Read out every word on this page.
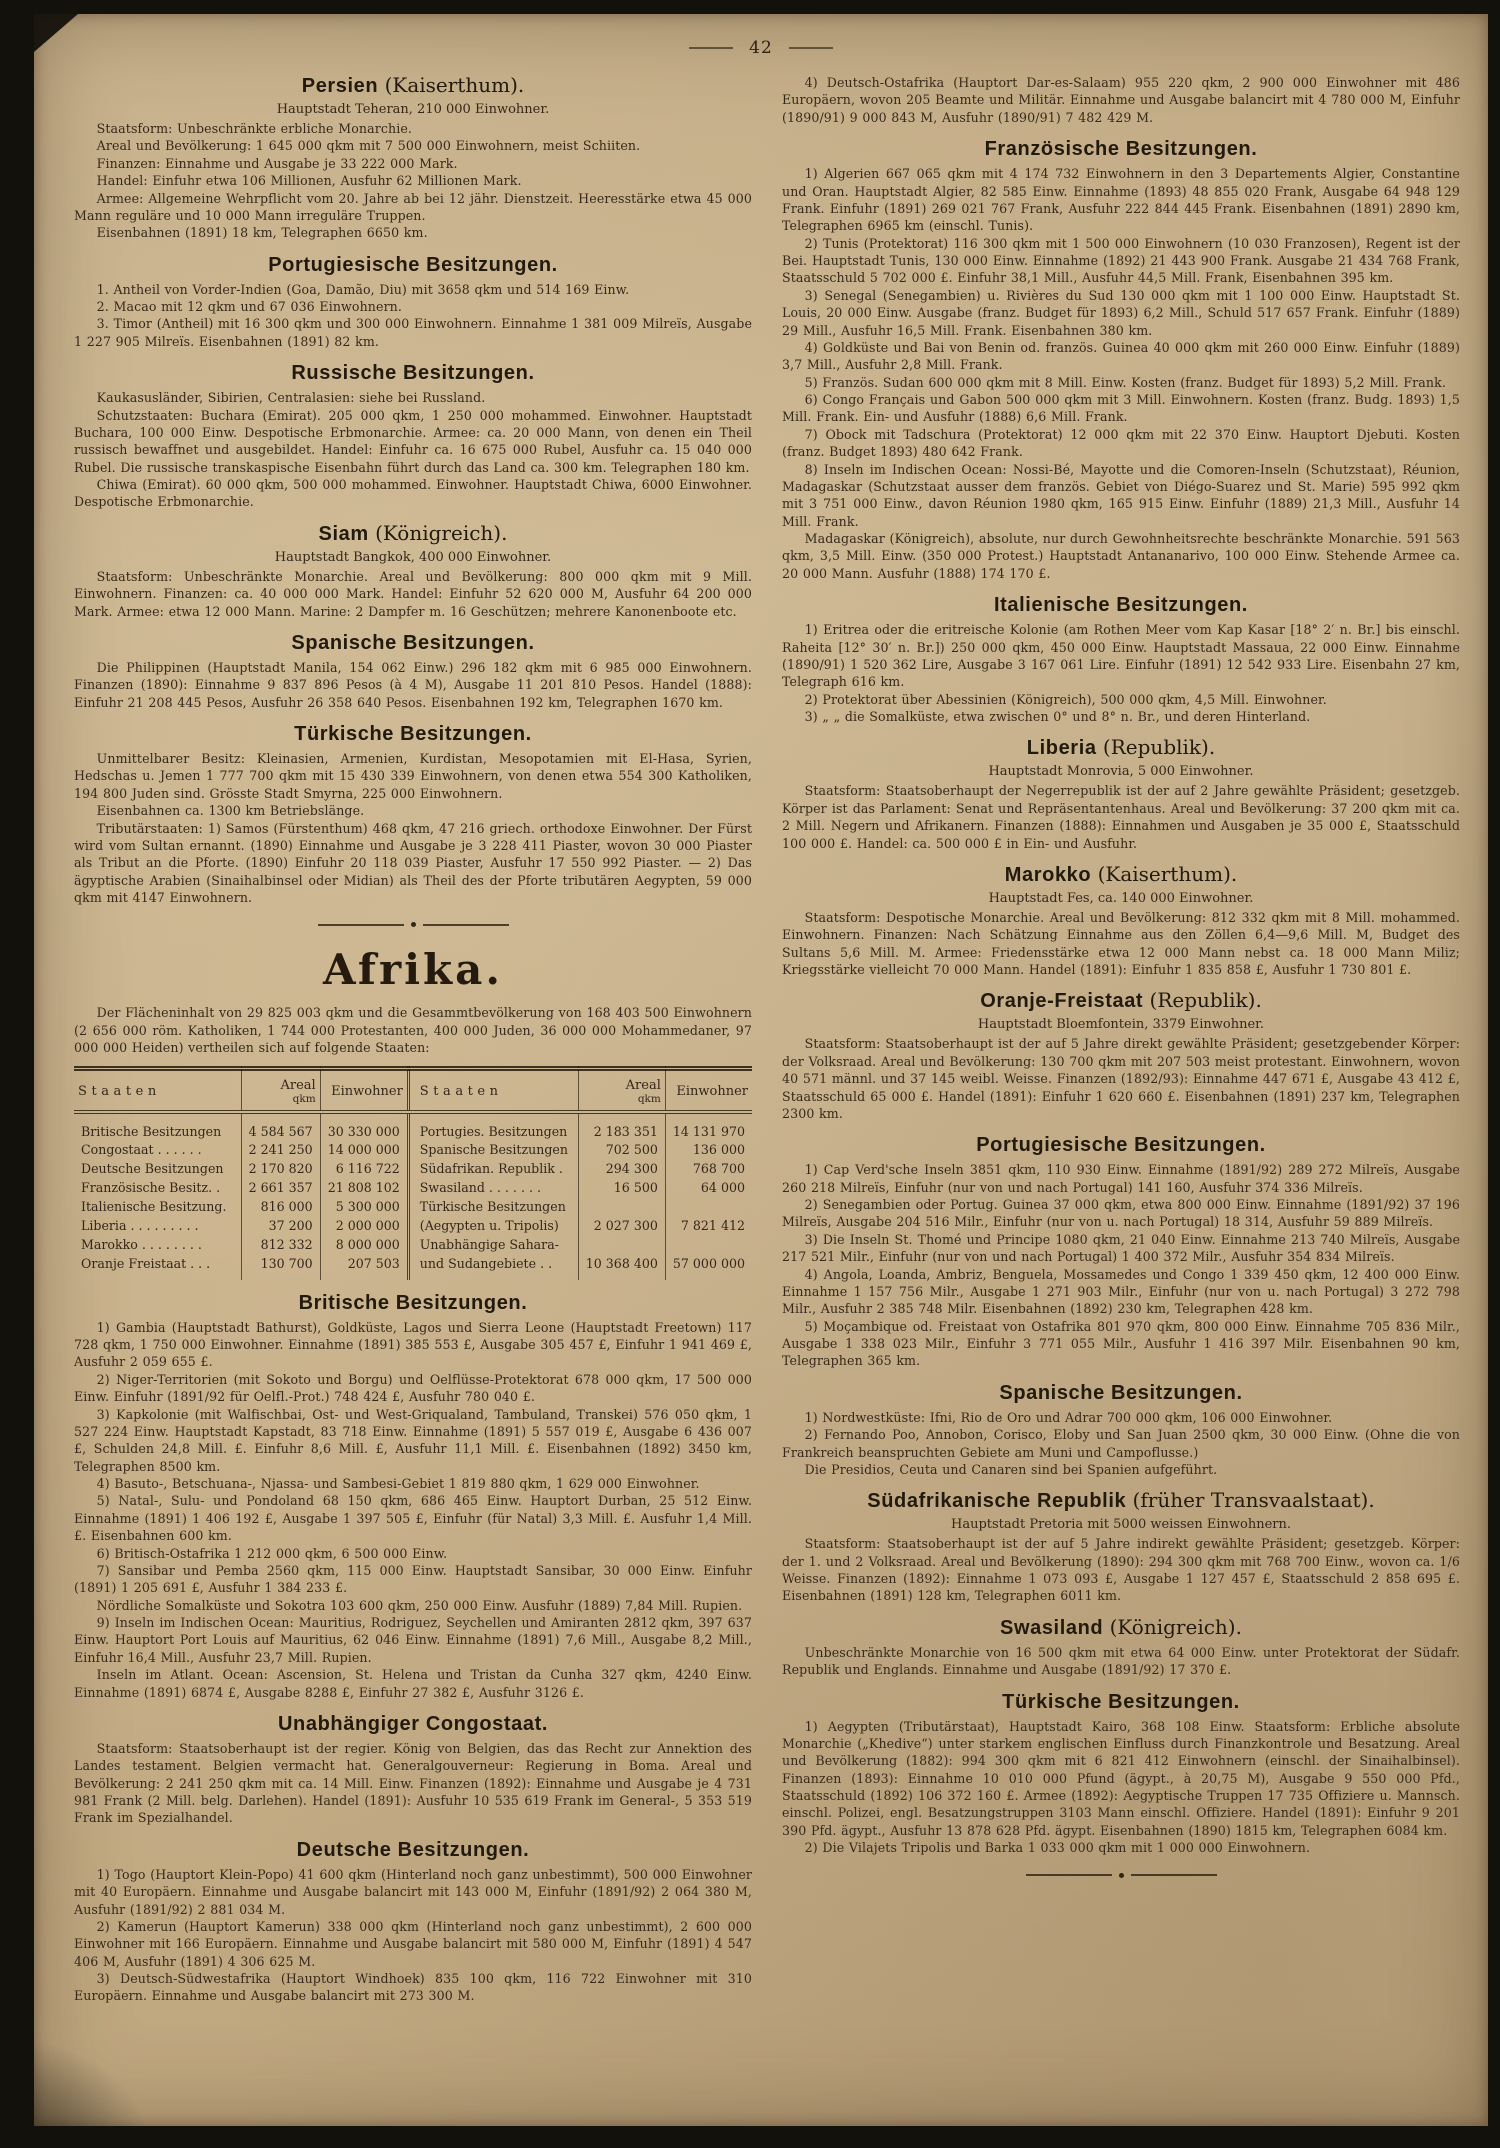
42
Persien (Kaiserthum).

Hauptstadt Teheran, 210 000 Einwohner.

Staatsform: Unbeschränkte erbliche Monarchie.

Areal und Bevölkerung: 1 645 000 qkm mit 7 500 000 Einwohnern, meist Schiiten.

Finanzen: Einnahme und Ausgabe je 33 222 000 Mark.

Handel: Einfuhr etwa 106 Millionen, Ausfuhr 62 Millionen Mark.

Armee: Allgemeine Wehrpflicht vom 20. Jahre ab bei 12 jähr. Dienstzeit. Heeresstärke etwa 45 000 Mann reguläre und 10 000 Mann irreguläre Truppen.

Eisenbahnen (1891) 18 km, Telegraphen 6650 km.

Portugiesische Besitzungen.

1. Antheil von Vorder-Indien (Goa, Damão, Diu) mit 3658 qkm und 514 169 Einw.

2. Macao mit 12 qkm und 67 036 Einwohnern.

3. Timor (Antheil) mit 16 300 qkm und 300 000 Einwohnern. Einnahme 1 381 009 Milreïs, Ausgabe 1 227 905 Milreïs. Eisenbahnen (1891) 82 km.

Russische Besitzungen.

Kaukasusländer, Sibirien, Centralasien: siehe bei Russland.

Schutzstaaten: Buchara (Emirat). 205 000 qkm, 1 250 000 mohammed. Einwohner. Hauptstadt Buchara, 100 000 Einw. Despotische Erbmonarchie. Armee: ca. 20 000 Mann, von denen ein Theil russisch bewaffnet und ausgebildet. Handel: Einfuhr ca. 16 675 000 Rubel, Ausfuhr ca. 15 040 000 Rubel. Die russische transkaspische Eisenbahn führt durch das Land ca. 300 km. Telegraphen 180 km.

Chiwa (Emirat). 60 000 qkm, 500 000 mohammed. Einwohner. Hauptstadt Chiwa, 6000 Einwohner. Despotische Erbmonarchie.

Siam (Königreich).

Hauptstadt Bangkok, 400 000 Einwohner.

Staatsform: Unbeschränkte Monarchie. Areal und Bevölkerung: 800 000 qkm mit 9 Mill. Einwohnern. Finanzen: ca. 40 000 000 Mark. Handel: Einfuhr 52 620 000 M, Ausfuhr 64 200 000 Mark. Armee: etwa 12 000 Mann. Marine: 2 Dampfer m. 16 Geschützen; mehrere Kanonenboote etc.

Spanische Besitzungen.

Die Philippinen (Hauptstadt Manila, 154 062 Einw.) 296 182 qkm mit 6 985 000 Einwohnern. Finanzen (1890): Einnahme 9 837 896 Pesos (à 4 M), Ausgabe 11 201 810 Pesos. Handel (1888): Einfuhr 21 208 445 Pesos, Ausfuhr 26 358 640 Pesos. Eisenbahnen 192 km, Telegraphen 1670 km.

Türkische Besitzungen.

Unmittelbarer Besitz: Kleinasien, Armenien, Kurdistan, Mesopotamien mit El-Hasa, Syrien, Hedschas u. Jemen 1 777 700 qkm mit 15 430 339 Einwohnern, von denen etwa 554 300 Katholiken, 194 800 Juden sind. Grösste Stadt Smyrna, 225 000 Einwohnern.

Eisenbahnen ca. 1300 km Betriebslänge.

Tributärstaaten: 1) Samos (Fürstenthum) 468 qkm, 47 216 griech. orthodoxe Einwohner. Der Fürst wird vom Sultan ernannt. (1890) Einnahme und Ausgabe je 3 228 411 Piaster, wovon 30 000 Piaster als Tribut an die Pforte. (1890) Einfuhr 20 118 039 Piaster, Ausfuhr 17 550 992 Piaster. — 2) Das ägyptische Arabien (Sinaihalbinsel oder Midian) als Theil des der Pforte tributären Aegypten, 59 000 qkm mit 4147 Einwohnern.

Afrika.

Der Flächeninhalt von 29 825 003 qkm und die Gesammtbevölkerung von 168 403 500 Einwohnern (2 656 000 röm. Katholiken, 1 744 000 Protestanten, 400 000 Juden, 36 000 000 Mohammedaner, 97 000 000 Heiden) vertheilen sich auf folgende Staaten:

Staaten	Areal
qkm	Einwohner	Staaten	Areal
qkm	Einwohner
Britische Besitzungen	4 584 567	30 330 000	Portugies. Besitzungen	2 183 351	14 131 970
Congostaat . . . . . .	2 241 250	14 000 000	Spanische Besitzungen	702 500	136 000
Deutsche Besitzungen	2 170 820	6 116 722	Südafrikan. Republik .	294 300	768 700
Französische Besitz. .	2 661 357	21 808 102	Swasiland . . . . . . .	16 500	64 000
Italienische Besitzung.	816 000	5 300 000	Türkische Besitzungen		
Liberia . . . . . . . . .	37 200	2 000 000	(Aegypten u. Tripolis)	2 027 300	7 821 412
Marokko . . . . . . . .	812 332	8 000 000	Unabhängige Sahara-		
Oranje Freistaat . . .	130 700	207 503	und Sudangebiete . .	10 368 400	57 000 000
Britische Besitzungen.

1) Gambia (Hauptstadt Bathurst), Goldküste, Lagos und Sierra Leone (Hauptstadt Freetown) 117 728 qkm, 1 750 000 Einwohner. Einnahme (1891) 385 553 £, Ausgabe 305 457 £, Einfuhr 1 941 469 £, Ausfuhr 2 059 655 £.

2) Niger-Territorien (mit Sokoto und Borgu) und Oelflüsse-Protektorat 678 000 qkm, 17 500 000 Einw. Einfuhr (1891/92 für Oelfl.-Prot.) 748 424 £, Ausfuhr 780 040 £.

3) Kapkolonie (mit Walfischbai, Ost- und West-Griqualand, Tambuland, Transkei) 576 050 qkm, 1 527 224 Einw. Hauptstadt Kapstadt, 83 718 Einw. Einnahme (1891) 5 557 019 £, Ausgabe 6 436 007 £, Schulden 24,8 Mill. £. Einfuhr 8,6 Mill. £, Ausfuhr 11,1 Mill. £. Eisenbahnen (1892) 3450 km, Telegraphen 8500 km.

4) Basuto-, Betschuana-, Njassa- und Sambesi-Gebiet 1 819 880 qkm, 1 629 000 Einwohner.

5) Natal-, Sulu- und Pondoland 68 150 qkm, 686 465 Einw. Hauptort Durban, 25 512 Einw. Einnahme (1891) 1 406 192 £, Ausgabe 1 397 505 £, Einfuhr (für Natal) 3,3 Mill. £. Ausfuhr 1,4 Mill. £. Eisenbahnen 600 km.

6) Britisch-Ostafrika 1 212 000 qkm, 6 500 000 Einw.

7) Sansibar und Pemba 2560 qkm, 115 000 Einw. Hauptstadt Sansibar, 30 000 Einw. Einfuhr (1891) 1 205 691 £, Ausfuhr 1 384 233 £.

Nördliche Somalküste und Sokotra 103 600 qkm, 250 000 Einw. Ausfuhr (1889) 7,84 Mill. Rupien.

9) Inseln im Indischen Ocean: Mauritius, Rodriguez, Seychellen und Amiranten 2812 qkm, 397 637 Einw. Hauptort Port Louis auf Mauritius, 62 046 Einw. Einnahme (1891) 7,6 Mill., Ausgabe 8,2 Mill., Einfuhr 16,4 Mill., Ausfuhr 23,7 Mill. Rupien.

Inseln im Atlant. Ocean: Ascension, St. Helena und Tristan da Cunha 327 qkm, 4240 Einw. Einnahme (1891) 6874 £, Ausgabe 8288 £, Einfuhr 27 382 £, Ausfuhr 3126 £.

Unabhängiger Congostaat.

Staatsform: Staatsoberhaupt ist der regier. König von Belgien, das das Recht zur Annektion des Landes testament. Belgien vermacht hat. Generalgouverneur: Regierung in Boma. Areal und Bevölkerung: 2 241 250 qkm mit ca. 14 Mill. Einw. Finanzen (1892): Einnahme und Ausgabe je 4 731 981 Frank (2 Mill. belg. Darlehen). Handel (1891): Ausfuhr 10 535 619 Frank im General-, 5 353 519 Frank im Spezialhandel.

Deutsche Besitzungen.

1) Togo (Hauptort Klein-Popo) 41 600 qkm (Hinterland noch ganz unbestimmt), 500 000 Einwohner mit 40 Europäern. Einnahme und Ausgabe balancirt mit 143 000 M, Einfuhr (1891/92) 2 064 380 M, Ausfuhr (1891/92) 2 881 034 M.

2) Kamerun (Hauptort Kamerun) 338 000 qkm (Hinterland noch ganz unbestimmt), 2 600 000 Einwohner mit 166 Europäern. Einnahme und Ausgabe balancirt mit 580 000 M, Einfuhr (1891) 4 547 406 M, Ausfuhr (1891) 4 306 625 M.

3) Deutsch-Südwestafrika (Hauptort Windhoek) 835 100 qkm, 116 722 Einwohner mit 310 Europäern. Einnahme und Ausgabe balancirt mit 273 300 M.

4) Deutsch-Ostafrika (Hauptort Dar-es-Salaam) 955 220 qkm, 2 900 000 Einwohner mit 486 Europäern, wovon 205 Beamte und Militär. Einnahme und Ausgabe balancirt mit 4 780 000 M, Einfuhr (1890/91) 9 000 843 M, Ausfuhr (1890/91) 7 482 429 M.

Französische Besitzungen.

1) Algerien 667 065 qkm mit 4 174 732 Einwohnern in den 3 Departements Algier, Constantine und Oran. Hauptstadt Algier, 82 585 Einw. Einnahme (1893) 48 855 020 Frank, Ausgabe 64 948 129 Frank. Einfuhr (1891) 269 021 767 Frank, Ausfuhr 222 844 445 Frank. Eisenbahnen (1891) 2890 km, Telegraphen 6965 km (einschl. Tunis).

2) Tunis (Protektorat) 116 300 qkm mit 1 500 000 Einwohnern (10 030 Franzosen), Regent ist der Bei. Hauptstadt Tunis, 130 000 Einw. Einnahme (1892) 21 443 900 Frank. Ausgabe 21 434 768 Frank, Staatsschuld 5 702 000 £. Einfuhr 38,1 Mill., Ausfuhr 44,5 Mill. Frank, Eisenbahnen 395 km.

3) Senegal (Senegambien) u. Rivières du Sud 130 000 qkm mit 1 100 000 Einw. Hauptstadt St. Louis, 20 000 Einw. Ausgabe (franz. Budget für 1893) 6,2 Mill., Schuld 517 657 Frank. Einfuhr (1889) 29 Mill., Ausfuhr 16,5 Mill. Frank. Eisenbahnen 380 km.

4) Goldküste und Bai von Benin od. französ. Guinea 40 000 qkm mit 260 000 Einw. Einfuhr (1889) 3,7 Mill., Ausfuhr 2,8 Mill. Frank.

5) Französ. Sudan 600 000 qkm mit 8 Mill. Einw. Kosten (franz. Budget für 1893) 5,2 Mill. Frank.

6) Congo Français und Gabon 500 000 qkm mit 3 Mill. Einwohnern. Kosten (franz. Budg. 1893) 1,5 Mill. Frank. Ein- und Ausfuhr (1888) 6,6 Mill. Frank.

7) Obock mit Tadschura (Protektorat) 12 000 qkm mit 22 370 Einw. Hauptort Djebuti. Kosten (franz. Budget 1893) 480 642 Frank.

8) Inseln im Indischen Ocean: Nossi-Bé, Mayotte und die Comoren-Inseln (Schutzstaat), Réunion, Madagaskar (Schutzstaat ausser dem französ. Gebiet von Diégo-Suarez und St. Marie) 595 992 qkm mit 3 751 000 Einw., davon Réunion 1980 qkm, 165 915 Einw. Einfuhr (1889) 21,3 Mill., Ausfuhr 14 Mill. Frank.

Madagaskar (Königreich), absolute, nur durch Gewohnheitsrechte beschränkte Monarchie. 591 563 qkm, 3,5 Mill. Einw. (350 000 Protest.) Hauptstadt Antananarivo, 100 000 Einw. Stehende Armee ca. 20 000 Mann. Ausfuhr (1888) 174 170 £.

Italienische Besitzungen.

1) Eritrea oder die eritreische Kolonie (am Rothen Meer vom Kap Kasar [18° 2′ n. Br.] bis einschl. Raheita [12° 30′ n. Br.]) 250 000 qkm, 450 000 Einw. Hauptstadt Massaua, 22 000 Einw. Einnahme (1890/91) 1 520 362 Lire, Ausgabe 3 167 061 Lire. Einfuhr (1891) 12 542 933 Lire. Eisenbahn 27 km, Telegraph 616 km.

2) Protektorat über Abessinien (Königreich), 500 000 qkm, 4,5 Mill. Einwohner.

3) „ „ die Somalküste, etwa zwischen 0° und 8° n. Br., und deren Hinterland.

Liberia (Republik).

Hauptstadt Monrovia, 5 000 Einwohner.

Staatsform: Staatsoberhaupt der Negerrepublik ist der auf 2 Jahre gewählte Präsident; gesetzgeb. Körper ist das Parlament: Senat und Repräsentantenhaus. Areal und Bevölkerung: 37 200 qkm mit ca. 2 Mill. Negern und Afrikanern. Finanzen (1888): Einnahmen und Ausgaben je 35 000 £, Staatsschuld 100 000 £. Handel: ca. 500 000 £ in Ein- und Ausfuhr.

Marokko (Kaiserthum).

Hauptstadt Fes, ca. 140 000 Einwohner.

Staatsform: Despotische Monarchie. Areal und Bevölkerung: 812 332 qkm mit 8 Mill. mohammed. Einwohnern. Finanzen: Nach Schätzung Einnahme aus den Zöllen 6,4—9,6 Mill. M, Budget des Sultans 5,6 Mill. M. Armee: Friedensstärke etwa 12 000 Mann nebst ca. 18 000 Mann Miliz; Kriegsstärke vielleicht 70 000 Mann. Handel (1891): Einfuhr 1 835 858 £, Ausfuhr 1 730 801 £.

Oranje-Freistaat (Republik).

Hauptstadt Bloemfontein, 3379 Einwohner.

Staatsform: Staatsoberhaupt ist der auf 5 Jahre direkt gewählte Präsident; gesetzgebender Körper: der Volksraad. Areal und Bevölkerung: 130 700 qkm mit 207 503 meist protestant. Einwohnern, wovon 40 571 männl. und 37 145 weibl. Weisse. Finanzen (1892/93): Einnahme 447 671 £, Ausgabe 43 412 £, Staatsschuld 65 000 £. Handel (1891): Einfuhr 1 620 660 £. Eisenbahnen (1891) 237 km, Telegraphen 2300 km.

Portugiesische Besitzungen.

1) Cap Verd'sche Inseln 3851 qkm, 110 930 Einw. Einnahme (1891/92) 289 272 Milreïs, Ausgabe 260 218 Milreïs, Einfuhr (nur von und nach Portugal) 141 160, Ausfuhr 374 336 Milreïs.

2) Senegambien oder Portug. Guinea 37 000 qkm, etwa 800 000 Einw. Einnahme (1891/92) 37 196 Milreïs, Ausgabe 204 516 Milr., Einfuhr (nur von u. nach Portugal) 18 314, Ausfuhr 59 889 Milreïs.

3) Die Inseln St. Thomé und Principe 1080 qkm, 21 040 Einw. Einnahme 213 740 Milreïs, Ausgabe 217 521 Milr., Einfuhr (nur von und nach Portugal) 1 400 372 Milr., Ausfuhr 354 834 Milreïs.

4) Angola, Loanda, Ambriz, Benguela, Mossamedes und Congo 1 339 450 qkm, 12 400 000 Einw. Einnahme 1 157 756 Milr., Ausgabe 1 271 903 Milr., Einfuhr (nur von u. nach Portugal) 3 272 798 Milr., Ausfuhr 2 385 748 Milr. Eisenbahnen (1892) 230 km, Telegraphen 428 km.

5) Moçambique od. Freistaat von Ostafrika 801 970 qkm, 800 000 Einw. Einnahme 705 836 Milr., Ausgabe 1 338 023 Milr., Einfuhr 3 771 055 Milr., Ausfuhr 1 416 397 Milr. Eisenbahnen 90 km, Telegraphen 365 km.

Spanische Besitzungen.

1) Nordwestküste: Ifni, Rio de Oro und Adrar 700 000 qkm, 106 000 Einwohner.

2) Fernando Poo, Annobon, Corisco, Eloby und San Juan 2500 qkm, 30 000 Einw. (Ohne die von Frankreich beanspruchten Gebiete am Muni und Campoflusse.)

Die Presidios, Ceuta und Canaren sind bei Spanien aufgeführt.

Südafrikanische Republik (früher Transvaalstaat).

Hauptstadt Pretoria mit 5000 weissen Einwohnern.

Staatsform: Staatsoberhaupt ist der auf 5 Jahre indirekt gewählte Präsident; gesetzgeb. Körper: der 1. und 2 Volksraad. Areal und Bevölkerung (1890): 294 300 qkm mit 768 700 Einw., wovon ca. 1/6 Weisse. Finanzen (1892): Einnahme 1 073 093 £, Ausgabe 1 127 457 £, Staatsschuld 2 858 695 £. Eisenbahnen (1891) 128 km, Telegraphen 6011 km.

Swasiland (Königreich).

Unbeschränkte Monarchie von 16 500 qkm mit etwa 64 000 Einw. unter Protektorat der Südafr. Republik und Englands. Einnahme und Ausgabe (1891/92) 17 370 £.

Türkische Besitzungen.

1) Aegypten (Tributärstaat), Hauptstadt Kairo, 368 108 Einw. Staatsform: Erbliche absolute Monarchie („Khedive“) unter starkem englischen Einfluss durch Finanzkontrole und Besatzung. Areal und Bevölkerung (1882): 994 300 qkm mit 6 821 412 Einwohnern (einschl. der Sinaihalbinsel). Finanzen (1893): Einnahme 10 010 000 Pfund (ägypt., à 20,75 M), Ausgabe 9 550 000 Pfd., Staatsschuld (1892) 106 372 160 £. Armee (1892): Aegyptische Truppen 17 735 Offiziere u. Mannsch. einschl. Polizei, engl. Besatzungstruppen 3103 Mann einschl. Offiziere. Handel (1891): Einfuhr 9 201 390 Pfd. ägypt., Ausfuhr 13 878 628 Pfd. ägypt. Eisenbahnen (1890) 1815 km, Telegraphen 6084 km.

2) Die Vilajets Tripolis und Barka 1 033 000 qkm mit 1 000 000 Einwohnern.
